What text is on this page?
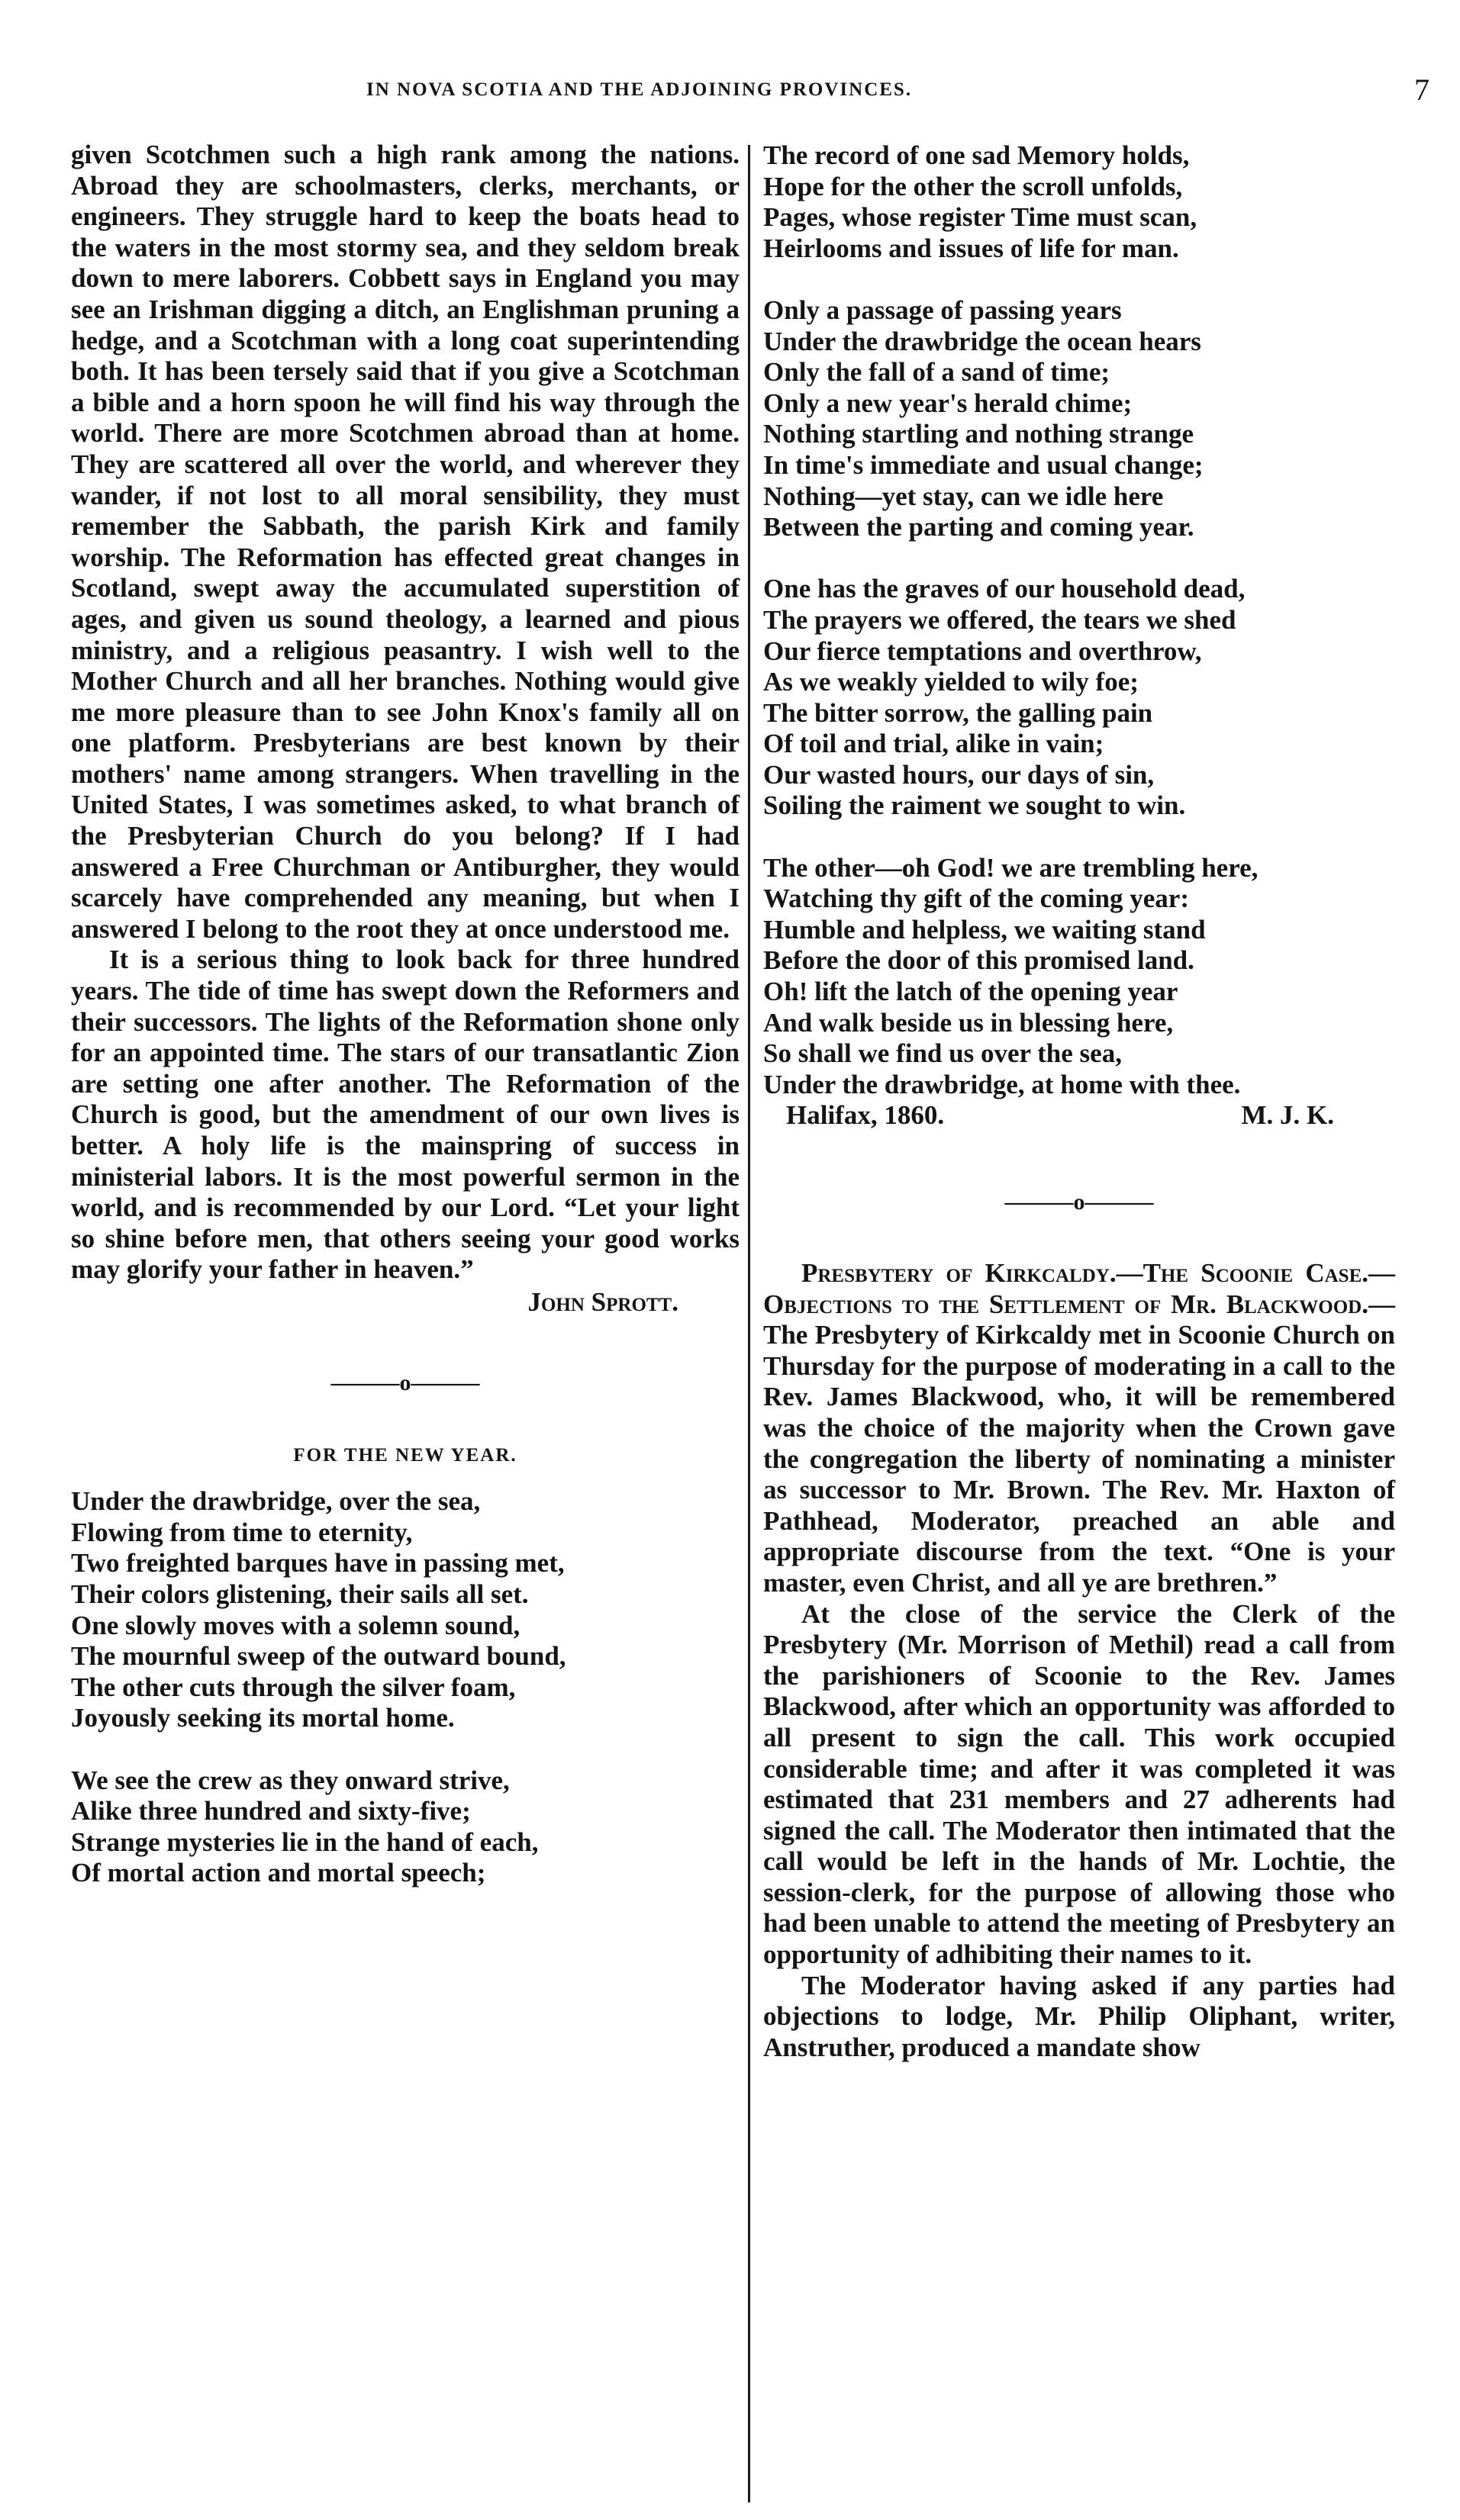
IN NOVA SCOTIA AND THE ADJOINING PROVINCES.	7

given Scotchmen such a high rank among the nations. Abroad they are schoolmasters, clerks, merchants, or engineers. They struggle hard to keep the boats head to the waters in the most stormy sea, and they seldom break down to mere laborers. Cobbett says in England you may see an Irishman digging a ditch, an Englishman pruning a hedge, and a Scotchman with a long coat superintending both. It has been tersely said that if you give a Scotchman a bible and a horn spoon he will find his way through the world. There are more Scotchmen abroad than at home. They are scattered all over the world, and wherever they wander, if not lost to all moral sensibility, they must remember the Sabbath, the parish Kirk and family worship. The Reformation has effected great changes in Scotland, swept away the accumulated superstition of ages, and given us sound theology, a learned and pious ministry, and a religious peasantry. I wish well to the Mother Church and all her branches. Nothing would give me more pleasure than to see John Knox's family all on one platform. Presbyterians are best known by their mothers' name among strangers. When travelling in the United States, I was sometimes asked, to what branch of the Presbyterian Church do you belong? If I had answered a Free Churchman or Antiburgher, they would scarcely have comprehended any meaning, but when I answered I belong to the root they at once understood me.

It is a serious thing to look back for three hundred years. The tide of time has swept down the Reformers and their successors. The lights of the Reformation shone only for an appointed time. The stars of our transatlantic Zion are setting one after another. The Reformation of the Church is good, but the amendment of our own lives is better. A holy life is the mainspring of success in ministerial labors. It is the most powerful sermon in the world, and is recommended by our Lord. “Let your light so shine before men, that others seeing your good works may glorify your father in heaven.”

John Sprott.

———o———
FOR THE NEW YEAR.
Under the drawbridge, over the sea,
Flowing from time to eternity,
Two freighted barques have in passing met,
Their colors glistening, their sails all set.
One slowly moves with a solemn sound,
The mournful sweep of the outward bound,
The other cuts through the silver foam,
Joyously seeking its mortal home.
We see the crew as they onward strive,
Alike three hundred and sixty-five;
Strange mysteries lie in the hand of each,
Of mortal action and mortal speech;
The record of one sad Memory holds,
Hope for the other the scroll unfolds,
Pages, whose register Time must scan,
Heirlooms and issues of life for man.
Only a passage of passing years
Under the drawbridge the ocean hears
Only the fall of a sand of time;
Only a new year's herald chime;
Nothing startling and nothing strange
In time's immediate and usual change;
Nothing—yet stay, can we idle here
Between the parting and coming year.
One has the graves of our household dead,
The prayers we offered, the tears we shed
Our fierce temptations and overthrow,
As we weakly yielded to wily foe;
The bitter sorrow, the galling pain
Of toil and trial, alike in vain;
Our wasted hours, our days of sin,
Soiling the raiment we sought to win.
The other—oh God! we are trembling here,
Watching thy gift of the coming year:
Humble and helpless, we waiting stand
Before the door of this promised land.
Oh! lift the latch of the opening year
And walk beside us in blessing here,
So shall we find us over the sea,
Under the drawbridge, at home with thee.
Halifax, 1860.	M. J. K.
———o———

Presbytery of Kirkcaldy.—The Scoonie Case.—Objections to the Settlement of Mr. Blackwood.—The Presbytery of Kirkcaldy met in Scoonie Church on Thursday for the purpose of moderating in a call to the Rev. James Blackwood, who, it will be remembered was the choice of the majority when the Crown gave the congregation the liberty of nominating a minister as successor to Mr. Brown. The Rev. Mr. Haxton of Pathhead, Moderator, preached an able and appropriate discourse from the text. “One is your master, even Christ, and all ye are brethren.”

At the close of the service the Clerk of the Presbytery (Mr. Morrison of Methil) read a call from the parishioners of Scoonie to the Rev. James Blackwood, after which an opportunity was afforded to all present to sign the call. This work occupied considerable time; and after it was completed it was estimated that 231 members and 27 adherents had signed the call. The Moderator then intimated that the call would be left in the hands of Mr. Lochtie, the session-clerk, for the purpose of allowing those who had been unable to attend the meeting of Presbytery an opportunity of adhibiting their names to it.

The Moderator having asked if any parties had objections to lodge, Mr. Philip Oliphant, writer, Anstruther, produced a mandate show
